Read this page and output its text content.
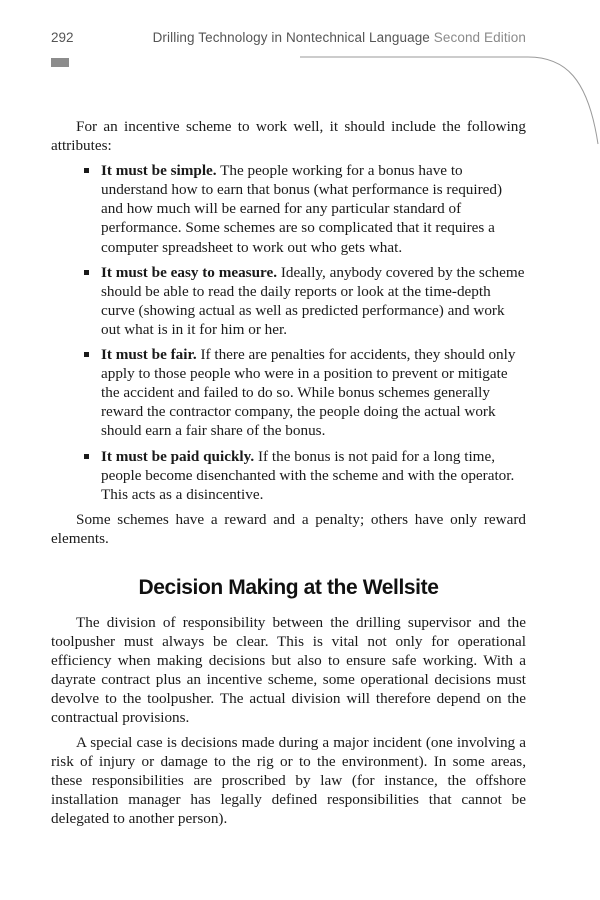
292	Drilling Technology in Nontechnical Language Second Edition

For an incentive scheme to work well, it should include the following attributes:

It must be simple. The people working for a bonus have to understand how to earn that bonus (what performance is required) and how much will be earned for any particular standard of performance. Some schemes are so complicated that it requires a computer spreadsheet to work out who gets what.
It must be easy to measure. Ideally, anybody covered by the scheme should be able to read the daily reports or look at the time-depth curve (showing actual as well as predicted performance) and work out what is in it for him or her.
It must be fair. If there are penalties for accidents, they should only apply to those people who were in a position to prevent or mitigate the accident and failed to do so. While bonus schemes generally reward the contractor company, the people doing the actual work should earn a fair share of the bonus.
It must be paid quickly. If the bonus is not paid for a long time, people become disenchanted with the scheme and with the operator. This acts as a disincentive.

Some schemes have a reward and a penalty; others have only reward elements.

Decision Making at the Wellsite

The division of responsibility between the drilling supervisor and the toolpusher must always be clear. This is vital not only for operational efficiency when making decisions but also to ensure safe working. With a dayrate contract plus an incentive scheme, some operational decisions must devolve to the toolpusher. The actual division will therefore depend on the contractual provisions.

A special case is decisions made during a major incident (one involving a risk of injury or damage to the rig or to the environment). In some areas, these responsibilities are proscribed by law (for instance, the offshore installation manager has legally defined responsibilities that cannot be delegated to another person).
